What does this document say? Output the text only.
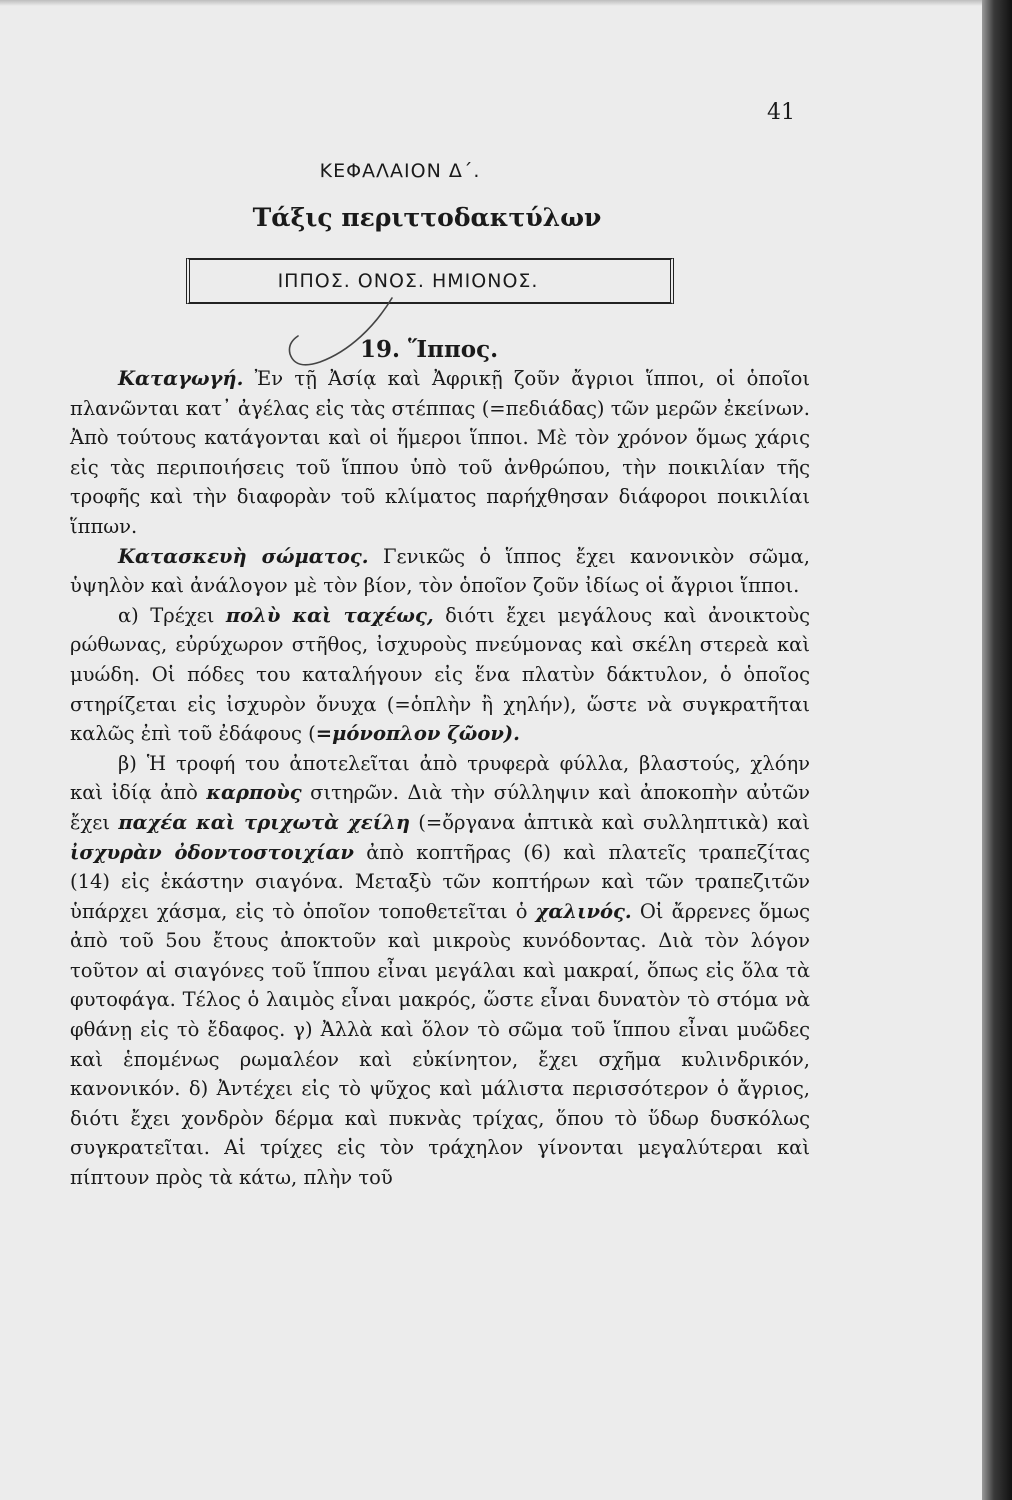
41
ΚΕΦΑΛΑΙΟΝ Δ΄.
Τάξις περιττοδακτύλων
ΙΠΠΟΣ. ΟΝΟΣ. ΗΜΙΟΝΟΣ.
19. Ἵππος.

Καταγωγή. Ἐν τῇ Ἀσίᾳ καὶ Ἀφρικῇ ζοῦν ἄγριοι ἵπποι, οἱ ὁποῖοι πλανῶνται κατ᾽ ἀγέλας εἰς τὰς στέππας (=πεδιάδας) τῶν μερῶν ἐκείνων. Ἀπὸ τούτους κατάγονται καὶ οἱ ἥμεροι ἵπποι. Μὲ τὸν χρόνον ὅμως χάρις εἰς τὰς περιποιήσεις τοῦ ἵππου ὑπὸ τοῦ ἀνθρώπου, τὴν ποικιλίαν τῆς τροφῆς καὶ τὴν διαφορὰν τοῦ κλίματος παρήχθησαν διάφοροι ποικιλίαι ἵππων.

Κατασκευὴ σώματος. Γενικῶς ὁ ἵππος ἔχει κανονικὸν σῶμα, ὑψηλὸν καὶ ἀνάλογον μὲ τὸν βίον, τὸν ὁποῖον ζοῦν ἰδίως οἱ ἄγριοι ἵπποι.

α) Τρέχει πολὺ καὶ ταχέως, διότι ἔχει μεγάλους καὶ ἀνοικτοὺς ρώθωνας, εὐρύχωρον στῆθος, ἰσχυροὺς πνεύμονας καὶ σκέλη στερεὰ καὶ μυώδη. Οἱ πόδες του καταλήγουν εἰς ἕνα πλατὺν δάκτυλον, ὁ ὁποῖος στηρίζεται εἰς ἰσχυρὸν ὄνυχα (=ὁπλὴν ἢ χηλήν), ὥστε νὰ συγκρατῆται καλῶς ἐπὶ τοῦ ἐδάφους (=μόνοπλον ζῶον).

β) Ἡ τροφή του ἀποτελεῖται ἀπὸ τρυφερὰ φύλλα, βλαστούς, χλόην καὶ ἰδίᾳ ἀπὸ καρποὺς σιτηρῶν. Διὰ τὴν σύλληψιν καὶ ἀποκοπὴν αὐτῶν ἔχει παχέα καὶ τριχωτὰ χείλη (=ὄργανα ἁπτικὰ καὶ συλληπτικὰ) καὶ ἰσχυρὰν ὀδοντοστοιχίαν ἀπὸ κοπτῆρας (6) καὶ πλατεῖς τραπεζίτας (14) εἰς ἑκάστην σιαγόνα. Μεταξὺ τῶν κοπτήρων καὶ τῶν τραπεζιτῶν ὑπάρχει χάσμα, εἰς τὸ ὁποῖον τοποθετεῖται ὁ χαλινός. Οἱ ἄρρενες ὅμως ἀπὸ τοῦ 5ου ἔτους ἀποκτοῦν καὶ μικροὺς κυνόδοντας. Διὰ τὸν λόγον τοῦτον αἱ σιαγόνες τοῦ ἵππου εἶναι μεγάλαι καὶ μακραί, ὅπως εἰς ὅλα τὰ φυτοφάγα. Τέλος ὁ λαιμὸς εἶναι μακρός, ὥστε εἶναι δυνατὸν τὸ στόμα νὰ φθάνῃ εἰς τὸ ἔδαφος. γ) Ἀλλὰ καὶ ὅλον τὸ σῶμα τοῦ ἵππου εἶναι μυῶδες καὶ ἑπομένως ρωμαλέον καὶ εὐκίνητον, ἔχει σχῆμα κυλινδρικόν, κανονικόν. δ) Ἀντέχει εἰς τὸ ψῦχος καὶ μάλιστα περισσότερον ὁ ἄγριος, διότι ἔχει χονδρὸν δέρμα καὶ πυκνὰς τρίχας, ὅπου τὸ ὕδωρ δυσκόλως συγκρατεῖται. Αἱ τρίχες εἰς τὸν τράχηλον γίνονται μεγαλύτεραι καὶ πίπτουν πρὸς τὰ κάτω, πλὴν τοῦ
